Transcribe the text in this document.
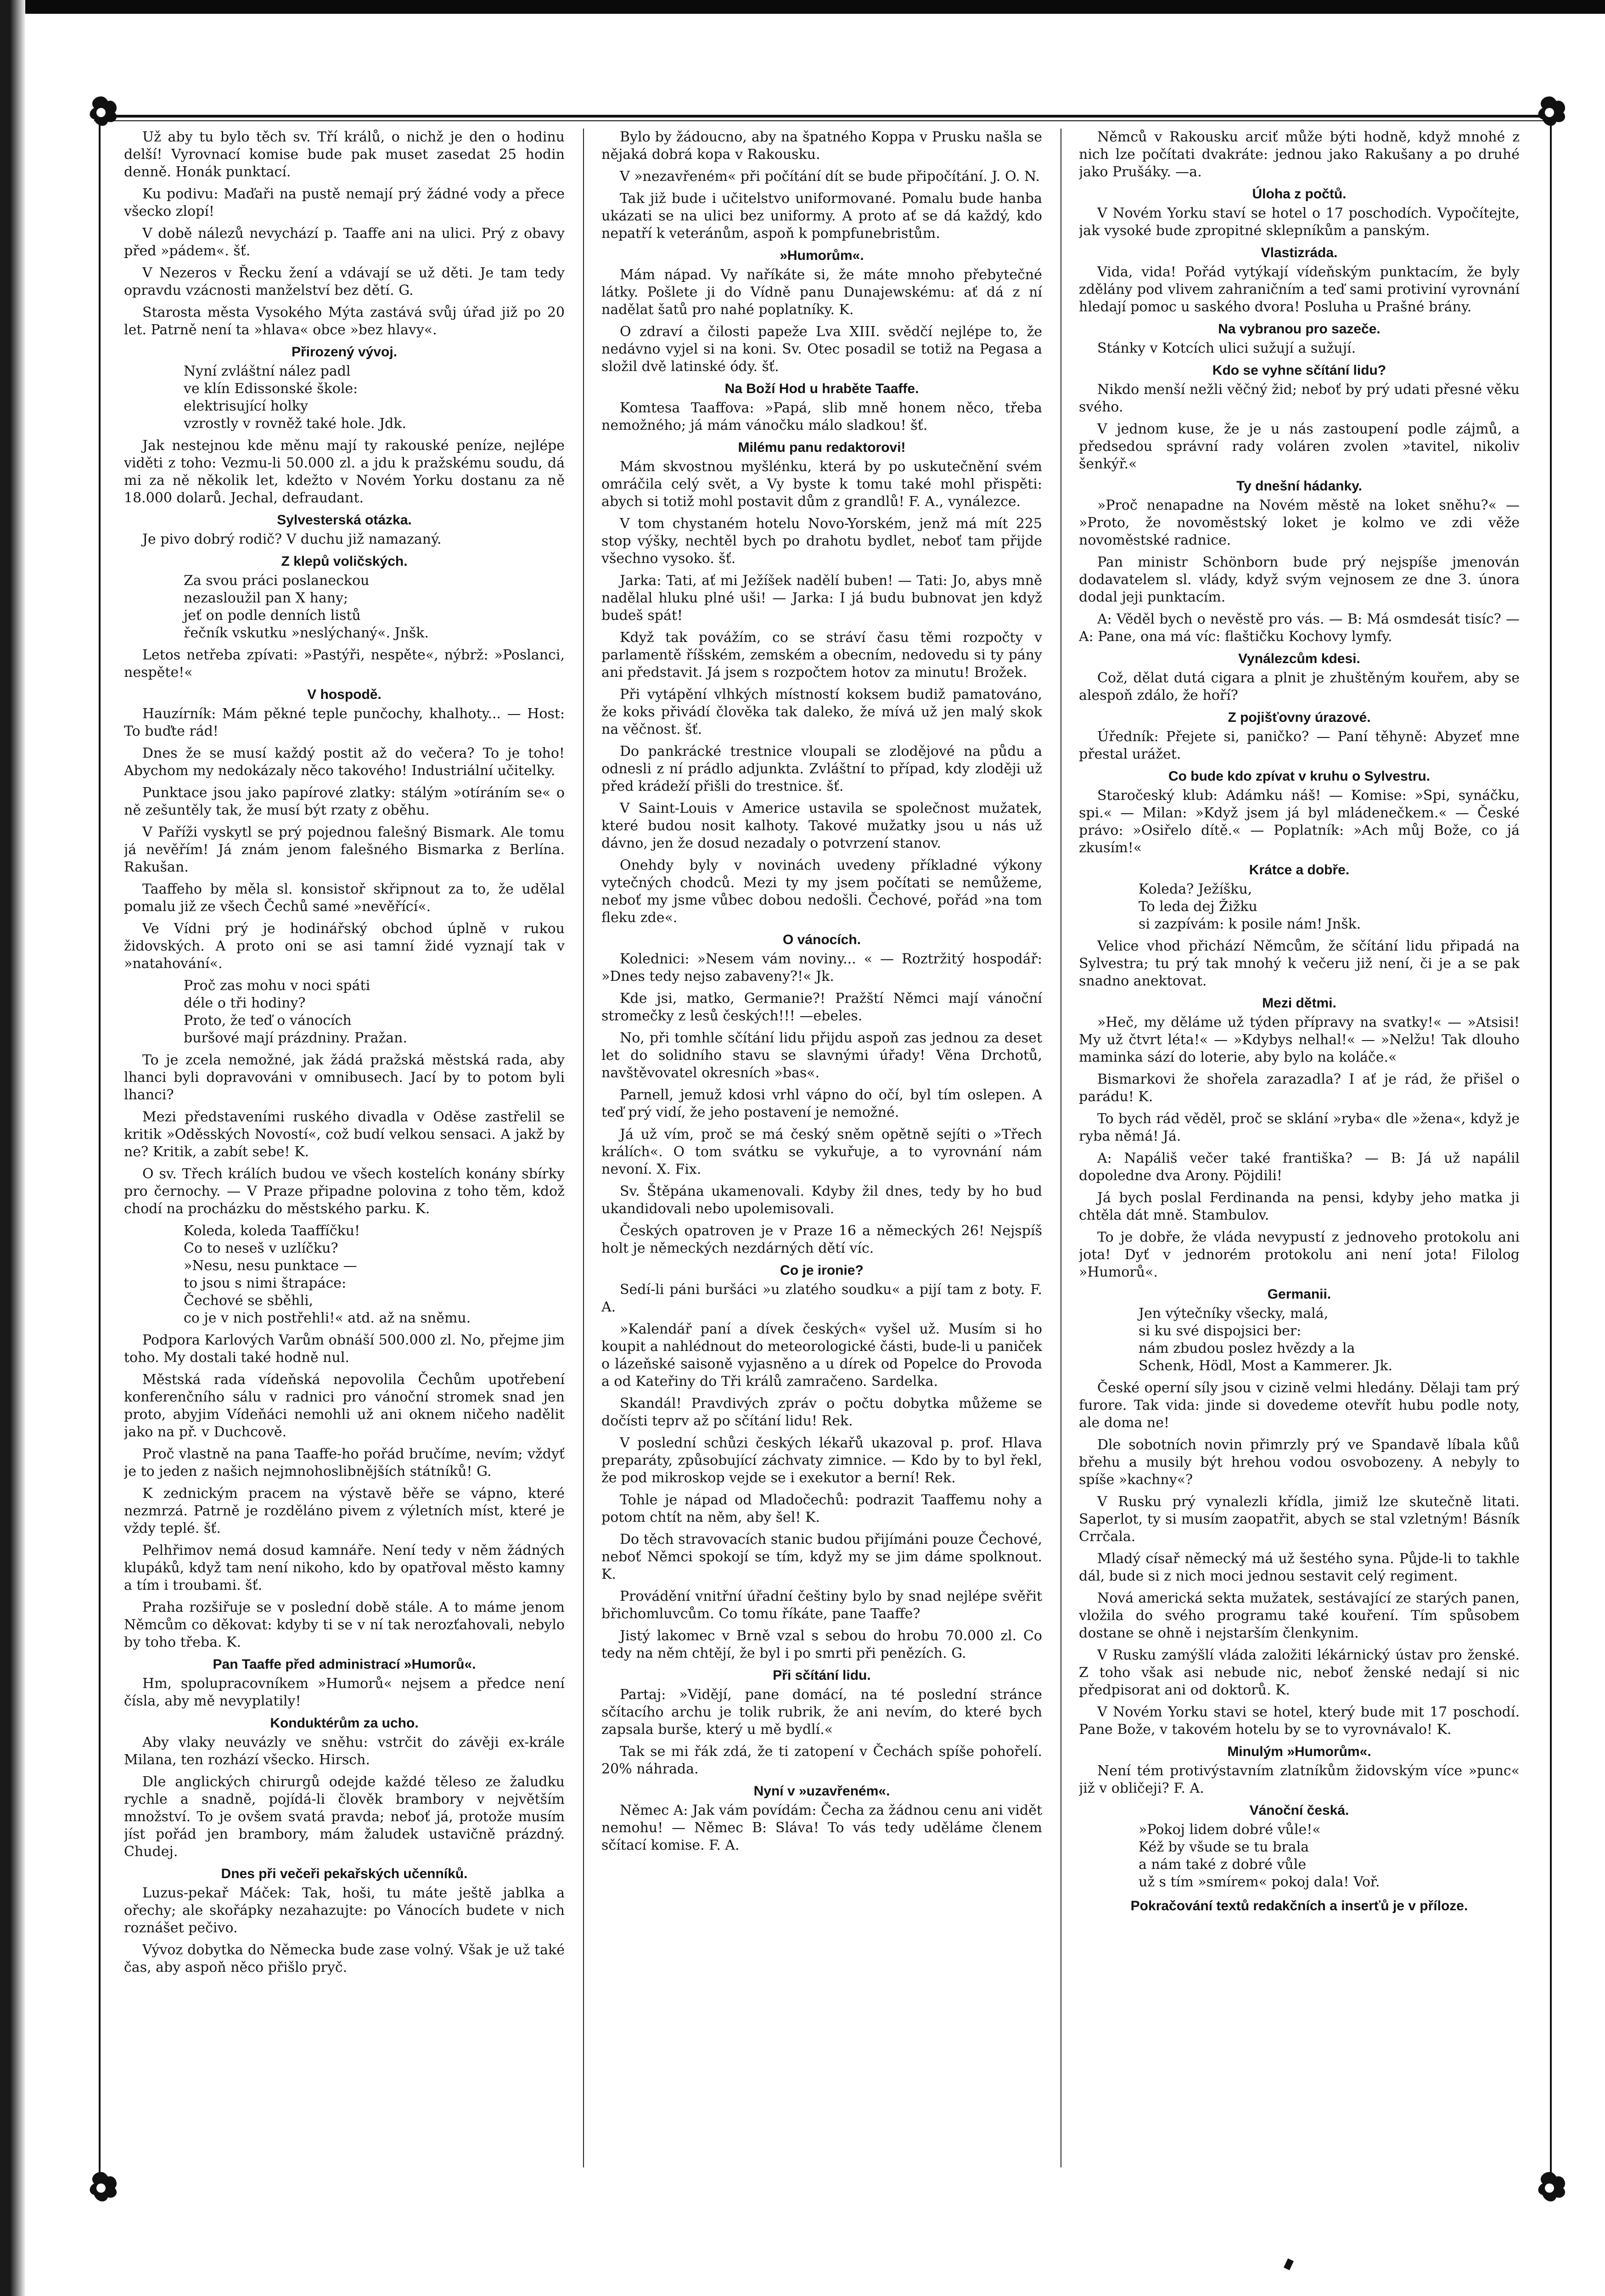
Už aby tu bylo těch sv. Tří králů, o nichž je den o hodinu delší! Vyrovnací komise bude pak muset zasedat 25 hodin denně. Honák punktací.

Ku podivu: Maďaři na pustě nemají prý žádné vody a přece všecko zlopí!

V době nálezů nevychází p. Taaffe ani na ulici. Prý z obavy před »pádem«. šť.

V Nezeros v Řecku žení a vdávají se už děti. Je tam tedy opravdu vzácnosti manželství bez dětí. G.

Starosta města Vysokého Mýta zastává svůj úřad již po 20 let. Patrně není ta »hlava« obce »bez hlavy«.

Přirozený vývoj.

Nyní zvláštní nález padl
ve klín Edissonské škole:
elektrisující holky
vzrostly v rovněž také hole. Jdk.

Jak nestejnou kde měnu mají ty rakouské peníze, nejlépe viděti z toho: Vezmu-li 50.000 zl. a jdu k pražskému soudu, dá mi za ně několik let, kdežto v Novém Yorku dostanu za ně 18.000 dolarů. Jechal, defraudant.

Sylvesterská otázka.

Je pivo dobrý rodič? V duchu již namazaný.

Z klepů voličských.

Za svou práci poslaneckou
nezasloužil pan X hany;
jeť on podle denních listů
řečník vskutku »neslýchaný«. Jnšk.

Letos netřeba zpívati: »Pastýři, nespěte«, nýbrž: »Poslanci, nespěte!«

V hospodě.

Hauzírník: Mám pěkné teple punčochy, khalhoty... — Host: To buďte rád!

Dnes že se musí každý postit až do večera? To je toho! Abychom my nedokázaly něco takového! Industriální učitelky.

Punktace jsou jako papírové zlatky: stálým »otíráním se« o ně zešuntěly tak, že musí být rzaty z oběhu.

V Paříži vyskytl se prý pojednou falešný Bismark. Ale tomu já nevěřím! Já znám jenom falešného Bismarka z Berlína. Rakušan.

Taaffeho by měla sl. konsistoř skřipnout za to, že udělal pomalu již ze všech Čechů samé »nevěřící«.

Ve Vídni prý je hodinářský obchod úplně v rukou židovských. A proto oni se asi tamní židé vyznají tak v »natahování«.

Proč zas mohu v noci spáti
déle o tři hodiny?
Proto, že teď o vánocích
buršové mají prázdniny. Pražan.

To je zcela nemožné, jak žádá pražská městská rada, aby lhanci byli dopravováni v omnibusech. Jací by to potom byli lhanci?

Mezi představeními ruského divadla v Oděse zastřelil se kritik »Oděsských Novostí«, což budí velkou sensaci. A jakž by ne? Kritik, a zabít sebe! K.

O sv. Třech králích budou ve všech kostelích konány sbírky pro černochy. — V Praze připadne polovina z toho těm, kdož chodí na procházku do městského parku. K.

Koleda, koleda Taaffíčku!
Co to neseš v uzlíčku?
»Nesu, nesu punktace —
to jsou s nimi štrapáce:
Čechové se sběhli,
co je v nich postřehli!« atd. až na sněmu.

Podpora Karlových Varům obnáší 500.000 zl. No, přejme jim toho. My dostali také hodně nul.

Městská rada vídeňská nepovolila Čechům upotřebení konferenčního sálu v radnici pro vánoční stromek snad jen proto, abyjim Vídeňáci nemohli už ani oknem ničeho nadělit jako na př. v Duchcově.

Proč vlastně na pana Taaffe-ho pořád bručíme, nevím; vždyť je to jeden z našich nejmnohoslibnějších státníků! G.

K zednickým pracem na výstavě běře se vápno, které nezmrzá. Patrně je rozděláno pivem z výletních míst, které je vždy teplé. šť.

Pelhřimov nemá dosud kamnáře. Není tedy v něm žádných klupáků, když tam není nikoho, kdo by opatřoval město kamny a tím i troubami. šť.

Praha rozšiřuje se v poslední době stále. A to máme jenom Němcům co děkovat: kdyby ti se v ní tak nerozťahovali, nebylo by toho třeba. K.

Pan Taaffe před administrací »Humorů«.

Hm, spolupracovníkem »Humorů« nejsem a předce není čísla, aby mě nevyplatily!

Konduktérům za ucho.

Aby vlaky neuvázly ve sněhu: vstrčit do závěji ex-krále Milana, ten rozhází všecko. Hirsch.

Dle anglických chirurgů odejde každé těleso ze žaludku rychle a snadně, pojídá-li člověk brambory v největším množství. To je ovšem svatá pravda; neboť já, protože musím jíst pořád jen brambory, mám žaludek ustavičně prázdný. Chudej.

Dnes při večeři pekařských učenníků.

Luzus-pekař Máček: Tak, hoši, tu máte ještě jablka a ořechy; ale skořápky nezahazujte: po Vánocích budete v nich roznášet pečivo.

Vývoz dobytka do Německa bude zase volný. Však je už také čas, aby aspoň něco přišlo pryč.

Bylo by žádoucno, aby na špatného Koppa v Prusku našla se nějaká dobrá kopa v Rakousku.

V »nezavřeném« při počítání dít se bude připočítání. J. O. N.

Tak již bude i učitelstvo uniformované. Pomalu bude hanba ukázati se na ulici bez uniformy. A proto ať se dá každý, kdo nepatří k veteránům, aspoň k pompfunebristům.

»Humorům«.

Mám nápad. Vy naříkáte si, že máte mnoho přebytečné látky. Pošlete ji do Vídně panu Dunajewskému: ať dá z ní nadělat šatů pro nahé poplatníky. K.

O zdraví a čilosti papeže Lva XIII. svědčí nejlépe to, že nedávno vyjel si na koni. Sv. Otec posadil se totiž na Pegasa a složil dvě latinské ódy. šť.

Na Boží Hod u hraběte Taaffe.

Komtesa Taaffova: »Papá, slib mně honem něco, třeba nemožného; já mám vánočku málo sladkou! šť.

Milému panu redaktorovi!

Mám skvostnou myšlénku, která by po uskutečnění svém omráčila celý svět, a Vy byste k tomu také mohl přispěti: abych si totiž mohl postavit dům z grandlů! F. A., vynálezce.

V tom chystaném hotelu Novo-Yorském, jenž má mít 225 stop výšky, nechtěl bych po drahotu bydlet, neboť tam přijde všechno vysoko. šť.

Jarka: Tati, ať mi Ježíšek nadělí buben! — Tati: Jo, abys mně nadělal hluku plné uši! — Jarka: I já budu bubnovat jen když budeš spát!

Když tak povážím, co se stráví času těmi rozpočty v parlamentě říšském, zemském a obecním, nedovedu si ty pány ani představit. Já jsem s rozpočtem hotov za minutu! Brožek.

Při vytápění vlhkých místností koksem budiž pamatováno, že koks přivádí člověka tak daleko, že mívá už jen malý skok na věčnost. šť.

Do pankrácké trestnice vloupali se zlodějové na půdu a odnesli z ní prádlo adjunkta. Zvláštní to případ, kdy zloději už před krádeží přišli do trestnice. šť.

V Saint-Louis v Americe ustavila se společnost mužatek, které budou nosit kalhoty. Takové mužatky jsou u nás už dávno, jen že dosud nezadaly o potvrzení stanov.

Onehdy byly v novinách uvedeny příkladné výkony vytečných chodců. Mezi ty my jsem počítati se nemůžeme, neboť my jsme vůbec dobou nedošli. Čechové, pořád »na tom fleku zde«.

O vánocích.

Kolednici: »Nesem vám noviny... « — Roztržitý hospodář: »Dnes tedy nejso zabaveny?!« Jk.

Kde jsi, matko, Germanie?! Pražští Němci mají vánoční stromečky z lesů českých!!! —ebeles.

No, při tomhle sčítání lidu přijdu aspoň zas jednou za deset let do solidního stavu se slavnými úřady! Věna Drchotů, navštěvovatel okresních »bas«.

Parnell, jemuž kdosi vrhl vápno do očí, byl tím oslepen. A teď prý vidí, že jeho postavení je nemožné.

Já už vím, proč se má český sněm opětně sejíti o »Třech králích«. O tom svátku se vykuřuje, a to vyrovnání nám nevoní. X. Fix.

Sv. Štěpána ukamenovali. Kdyby žil dnes, tedy by ho bud ukandidovali nebo upolemisovali.

Českých opatroven je v Praze 16 a německých 26! Nejspíš holt je německých nezdárných dětí víc.

Co je ironie?

Sedí-li páni buršáci »u zlatého soudku« a pijí tam z boty. F. A.

»Kalendář paní a dívek českých« vyšel už. Musím si ho koupit a nahlédnout do meteorologické části, bude-li u paniček o lázeňské saisoně vyjasněno a u dírek od Popelce do Provoda a od Kateřiny do Tři králů zamračeno. Sardelka.

Skandál! Pravdivých zpráv o počtu dobytka můžeme se dočísti teprv až po sčítání lidu! Rek.

V poslední schůzi českých lékařů ukazoval p. prof. Hlava preparáty, způsobující záchvaty zimnice. — Kdo by to byl řekl, že pod mikroskop vejde se i exekutor a berní! Rek.

Tohle je nápad od Mladočechů: podrazit Taaffemu nohy a potom chtít na něm, aby šel! K.

Do těch stravovacích stanic budou přijímáni pouze Čechové, neboť Němci spokojí se tím, když my se jim dáme spolknout. K.

Provádění vnitřní úřadní češtiny bylo by snad nejlépe svěřit břichomluvcům. Co tomu říkáte, pane Taaffe?

Jistý lakomec v Brně vzal s sebou do hrobu 70.000 zl. Co tedy na něm chtějí, že byl i po smrti při penězích. G.

Při sčítání lidu.

Partaj: »Vidějí, pane domácí, na té poslední stránce sčítacího archu je tolik rubrik, že ani nevím, do které bych zapsala burše, který u mě bydlí.«

Tak se mi řák zdá, že ti zatopení v Čechách spíše pohořelí. 20% náhrada.

Nyní v »uzavřeném«.

Němec A: Jak vám povídám: Čecha za žádnou cenu ani vidět nemohu! — Němec B: Sláva! To vás tedy uděláme členem sčítací komise. F. A.

Němců v Rakousku arciť může býti hodně, když mnohé z nich lze počítati dvakráte: jednou jako Rakušany a po druhé jako Prušáky. —a.

Úloha z počtů.

V Novém Yorku staví se hotel o 17 poschodích. Vypočítejte, jak vysoké bude zpropitné sklepníkům a panským.

Vlastizráda.

Vida, vida! Pořád vytýkají vídeňským punktacím, že byly zdělány pod vlivem zahraničním a teď sami protiviní vyrovnání hledají pomoc u saského dvora! Posluha u Prašné brány.

Na vybranou pro sazeče.

Stánky v Kotcích ulici sužují a sužují.

Kdo se vyhne sčítání lidu?

Nikdo menší nežli věčný žid; neboť by prý udati přesné věku svého.

V jednom kuse, že je u nás zastoupení podle zájmů, a předsedou správní rady voláren zvolen »tavitel, nikoliv šenkýř.«

Ty dnešní hádanky.

»Proč nenapadne na Novém městě na loket sněhu?« — »Proto, že novoměstský loket je kolmo ve zdi věže novoměstské radnice.

Pan ministr Schönborn bude prý nejspíše jmenován dodavatelem sl. vlády, když svým vejnosem ze dne 3. února dodal jeji punktacím.

A: Věděl bych o nevěstě pro vás. — B: Má osmdesát tisíc? — A: Pane, ona má víc: flaštičku Kochovy lymfy.

Vynálezcům kdesi.

Což, dělat dutá cigara a plnit je zhuštěným kouřem, aby se alespoň zdálo, že hoří?

Z pojišťovny úrazové.

Úředník: Přejete si, paničko? — Paní těhyně: Abyzeť mne přestal urážet.

Co bude kdo zpívat v kruhu o Sylvestru.

Staročeský klub: Adámku náš! — Komise: »Spi, synáčku, spi.« — Milan: »Když jsem já byl mládenečkem.« — České právo: »Osiřelo dítě.« — Poplatník: »Ach můj Bože, co já zkusím!«

Krátce a dobře.

Koleda? Ježíšku,
To leda dej Žižku
si zazpívám: k posile nám! Jnšk.

Velice vhod přichází Němcům, že sčítání lidu připadá na Sylvestra; tu prý tak mnohý k večeru již není, či je a se pak snadno anektovat.

Mezi dětmi.

»Heč, my děláme už týden přípravy na svatky!« — »Atsisi! My už čtvrt léta!« — »Kdybys nelhal!« — »Nelžu! Tak dlouho maminka sází do loterie, aby bylo na koláče.«

Bismarkovi že shořela zarazadla? I ať je rád, že přišel o parádu! K.

To bych rád věděl, proč se sklání »ryba« dle »žena«, když je ryba němá! Já.

A: Napáliš večer také františka? — B: Já už napálil dopoledne dva Arony. Pöjdili!

Já bych poslal Ferdinanda na pensi, kdyby jeho matka ji chtěla dát mně. Stambulov.

To je dobře, že vláda nevypustí z jednoveho protokolu ani jota! Dyť v jednorém protokolu ani není jota! Filolog »Humorů«.

Germanii.

Jen výtečníky všecky, malá,
si ku své dispojsici ber:
nám zbudou poslez hvězdy a la
Schenk, Hödl, Most a Kammerer. Jk.

České operní síly jsou v cizině velmi hledány. Dělaji tam prý furore. Tak vida: jinde si dovedeme otevřít hubu podle noty, ale doma ne!

Dle sobotních novin přimrzly prý ve Spandavě líbala kůů břehu a musily být hrehou vodou osvobozeny. A nebyly to spíše »kachny«?

V Rusku prý vynalezli křídla, jimiž lze skutečně litati. Saperlot, ty si musím zaopatřit, abych se stal vzletným! Básník Crrčala.

Mladý císař německý má už šestého syna. Půjde-li to takhle dál, bude si z nich moci jednou sestavit celý regiment.

Nová americká sekta mužatek, sestávající ze starých panen, vložila do svého programu také kouření. Tím spůsobem dostane se ohně i nejstarším členkynim.

V Rusku zamýšlí vláda založiti lékárnický ústav pro ženské. Z toho však asi nebude nic, neboť ženské nedají si nic předpisorat ani od doktorů. K.

V Novém Yorku stavi se hotel, který bude mit 17 poschodí. Pane Bože, v takovém hotelu by se to vyrovnávalo! K.

Minulým »Humorům«.

Není tém protivýstavním zlatníkům židovským více »punc« již v obličeji? F. A.

Vánoční česká.

»Pokoj lidem dobré vůle!«
Kéž by všude se tu brala
a nám také z dobré vůle
už s tím »smírem« pokoj dala! Voř.

Pokračování textů redakčních a inserťů je v příloze.
